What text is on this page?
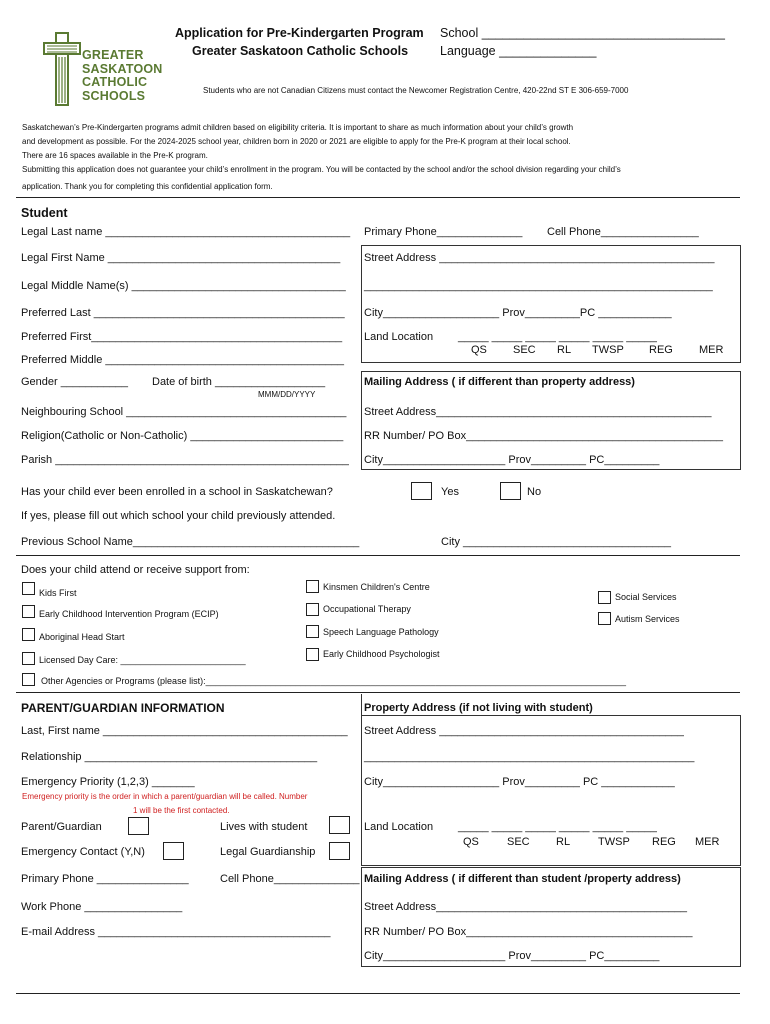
GREATER
SASKATOON
CATHOLIC
SCHOOLS
Application for Pre-Kindergarten Program
Greater Saskatoon Catholic Schools
School ___________________________________
Language ______________
Students who are not Canadian Citizens must contact the Newcomer Registration Centre, 420-22nd ST E 306-659-7000
Saskatchewan’s Pre-Kindergarten programs admit children based on eligibility criteria. It is important to share as much information about your child’s growth
and development as possible. For the 2024-2025 school year, children born in 2020 or 2021 are eligible to apply for the Pre-K program at their local school.
There are 16 spaces available in the Pre-K program.
Submitting this application does not guarantee your child’s enrollment in the program. You will be contacted by the school and/or the school division regarding your child’s
application. Thank you for completing this confidential application form.
Student
Legal Last name ________________________________________ Primary Phone______________ Cell Phone________________
Legal First Name ______________________________________ Street Address _____________________________________________
Legal Middle Name(s) ___________________________________ _________________________________________________________
Preferred Last _________________________________________ City___________________ Prov_________PC ____________
Preferred First_________________________________________ Land Location _____ _____ _____ _____ _____ _____
QS SEC RL TWSP REG MER
Preferred Middle _______________________________________
Gender ___________ Date of birth __________________
MMM/DD/YYYY
Mailing Address ( if different than property address)
Neighbouring School ____________________________________ Street Address_____________________________________________
Religion(Catholic or Non-Catholic) _________________________ RR Number/ PO Box__________________________________________
Parish ________________________________________________ City____________________ Prov_________ PC_________
Has your child ever been enrolled in a school in Saskatchewan?	Yes	No
If yes, please fill out which school your child previously attended.
Previous School Name_____________________________________	City __________________________________
Does your child attend or receive support from:
Kids First
Early Childhood Intervention Program (ECIP)
Aboriginal Head Start
Licensed Day Care: _________________________
Kinsmen Children's Centre
Occupational Therapy
Speech Language Pathology
Early Childhood Psychologist
Social Services
Autism Services
Other Agencies or Programs (please list):____________________________________________________________________________________
PARENT/GUARDIAN INFORMATION	Property Address (if not living with student)
Last, First name ________________________________________ Street Address ________________________________________
Relationship ______________________________________	______________________________________________________
Emergency Priority (1,2,3) _______	City___________________ Prov_________ PC ____________
Emergency priority is the order in which a parent/guardian will be called. Number
1 will be the first contacted.
Parent/Guardian	Lives with student	Land Location _____ _____ _____ _____ _____ _____
QS	SEC RL	TWSP REG MER
Emergency Contact (Y,N)	Legal Guardianship
Primary Phone _______________	Cell Phone______________ Mailing Address ( if different than student /property address)
Work Phone ________________	Street Address_________________________________________
E-mail Address ______________________________________	RR Number/ PO Box_____________________________________
City____________________ Prov_________ PC_________
